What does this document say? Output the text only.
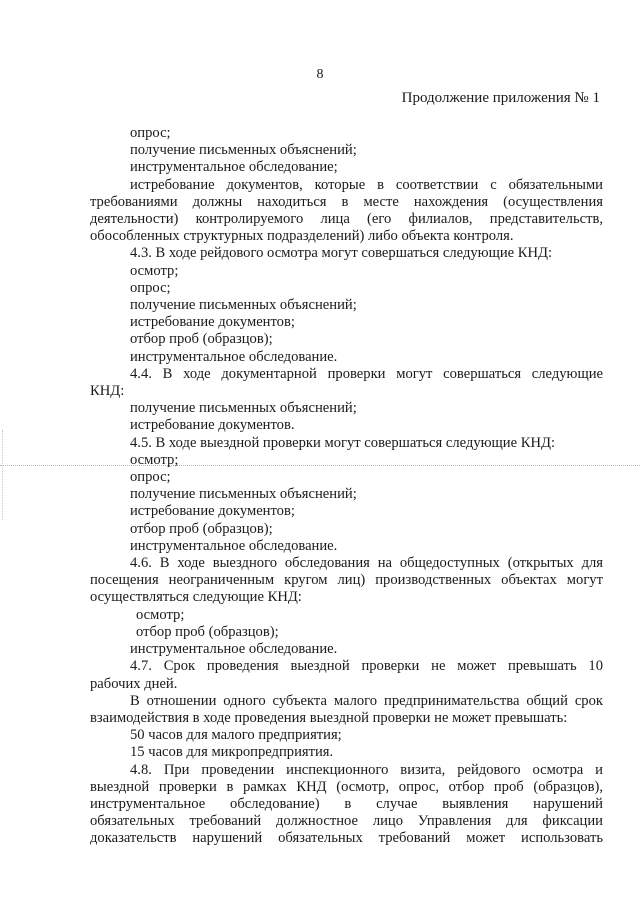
8
Продолжение приложения № 1

опрос;

получение письменных объяснений;

инструментальное обследование;

истребование документов, которые в соответствии с обязательными

требованиями должны находиться в месте нахождения (осуществления

деятельности) контролируемого лица (его филиалов, представительств,

обособленных структурных подразделений) либо объекта контроля.

4.3. В ходе рейдового осмотра могут совершаться следующие КНД:

осмотр;

опрос;

получение письменных объяснений;

истребование документов;

отбор проб (образцов);

инструментальное обследование.

4.4. В ходе документарной проверки могут совершаться следующие

КНД:

получение письменных объяснений;

истребование документов.

4.5. В ходе выездной проверки могут совершаться следующие КНД:

осмотр;

опрос;

получение письменных объяснений;

истребование документов;

отбор проб (образцов);

инструментальное обследование.

4.6. В ходе выездного обследования на общедоступных (открытых для

посещения неограниченным кругом лиц) производственных объектах могут

осуществляться следующие КНД:

осмотр;

отбор проб (образцов);

инструментальное обследование.

4.7. Срок проведения выездной проверки не может превышать 10

рабочих дней.

В отношении одного субъекта малого предпринимательства общий срок

взаимодействия в ходе проведения выездной проверки не может превышать:

50 часов для малого предприятия;

15 часов для микропредприятия.

4.8. При проведении инспекционного визита, рейдового осмотра и

выездной проверки в рамках КНД (осмотр, опрос, отбор проб (образцов),

инструментальное обследование) в случае выявления нарушений

обязательных требований должностное лицо Управления для фиксации

доказательств нарушений обязательных требований может использовать
